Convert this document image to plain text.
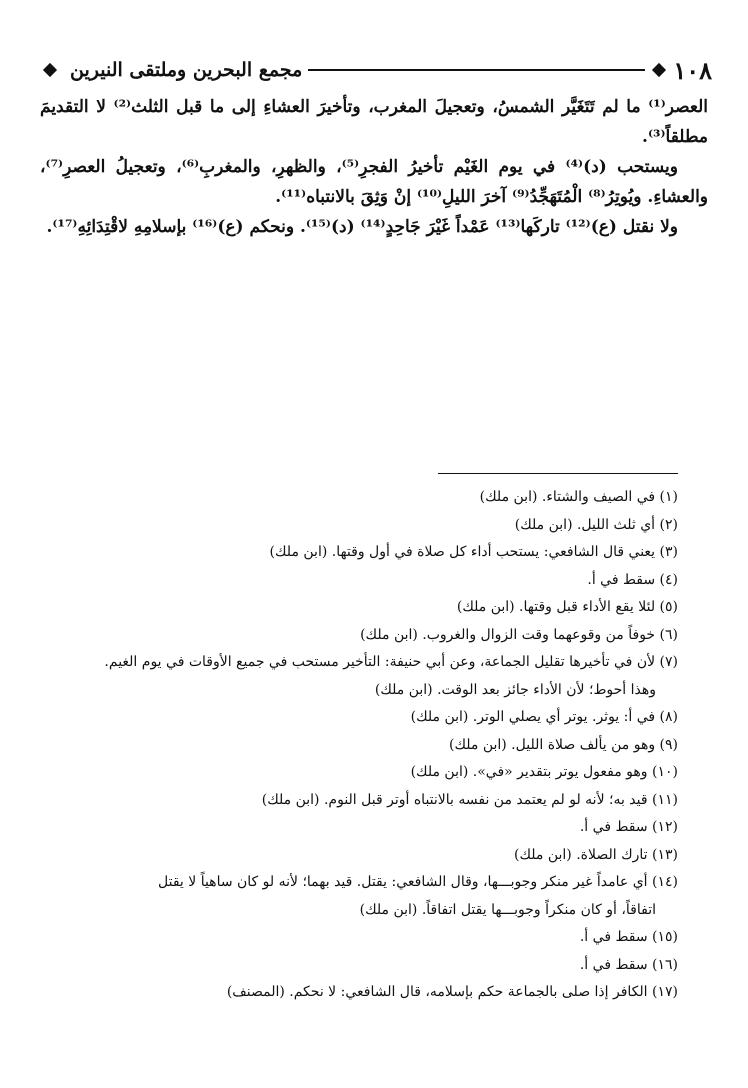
١٠٨
مجمع البحرين وملتقى النيرين

العصر⁽¹⁾ ما لم تَتَغَيَّر الشمسُ، وتعجيلَ المغرب، وتأخيرَ العشاءِ إلى ما قبل الثلث⁽²⁾ لا التقديمَ مطلقاً⁽³⁾.

ويستحب (د)⁽⁴⁾ في يوم الغَيْم تأخيرُ الفجرِ⁽⁵⁾، والظهرِ، والمغربِ⁽⁶⁾، وتعجيلُ العصرِ⁽⁷⁾، والعشاءِ. ويُوتِرُ⁽⁸⁾ الْمُتَهَجِّدُ⁽⁹⁾ آخرَ الليلِ⁽¹⁰⁾ إنْ وَثِقَ بالانتباه⁽¹¹⁾.

ولا نقتل (ع)⁽¹²⁾ تاركَها⁽¹³⁾ عَمْداً غَيْرَ جَاحِدٍ⁽¹⁴⁾ (د)⁽¹⁵⁾. ونحكم (ع)⁽¹⁶⁾ بإسلامِهِ لاقْتِدَائِهِ⁽¹⁷⁾.

(١) في الصيف والشتاء. (ابن ملك)

(٢) أي ثلث الليل. (ابن ملك)

(٣) يعني قال الشافعي: يستحب أداء كل صلاة في أول وقتها. (ابن ملك)

(٤) سقط في أ.

(٥) لئلا يقع الأداء قبل وقتها. (ابن ملك)

(٦) خوفاً من وقوعهما وقت الزوال والغروب. (ابن ملك)

(٧) لأن في تأخيرها تقليل الجماعة، وعن أبي حنيفة: التأخير مستحب في جميع الأوقات في يوم الغيم.

وهذا أحوط؛ لأن الأداء جائز بعد الوقت. (ابن ملك)

(٨) في أ: يوثر. يوتر أي يصلي الوتر. (ابن ملك)

(٩) وهو من يألف صلاة الليل. (ابن ملك)

(١٠) وهو مفعول يوتر بتقدير «في». (ابن ملك)

(١١) قيد به؛ لأنه لو لم يعتمد من نفسه بالانتباه أوتر قبل النوم. (ابن ملك)

(١٢) سقط في أ.

(١٣) تارك الصلاة. (ابن ملك)

(١٤) أي عامداً غير منكر وجوبـــها، وقال الشافعي: يقتل. قيد بهما؛ لأنه لو كان ساهياً لا يقتل

اتفاقاً، أو كان منكراً وجوبـــها يقتل اتفاقاً. (ابن ملك)

(١٥) سقط في أ.

(١٦) سقط في أ.

(١٧) الكافر إذا صلى بالجماعة حكم بإسلامه، قال الشافعي: لا نحكم. (المصنف)
